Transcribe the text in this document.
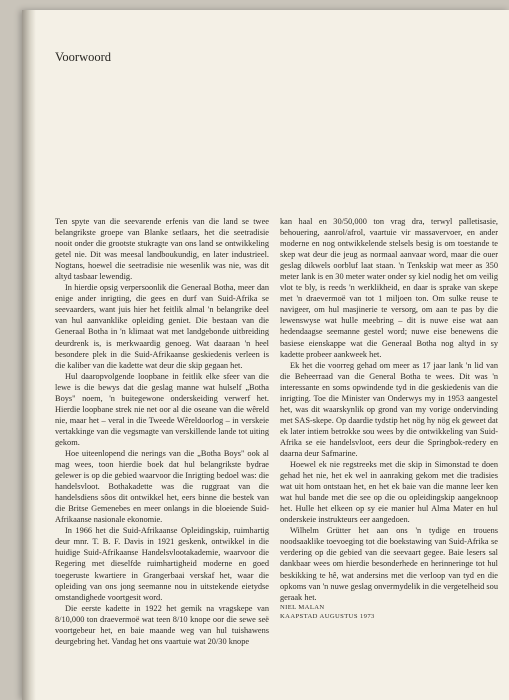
Voorwoord

Ten spyte van die seevarende erfenis van die land se twee belangrikste groepe van Blanke setlaars, het die seetradisie nooit onder die grootste stukragte van ons land se ontwikkeling getel nie. Dit was meesal landboukundig, en later industrieel. Nogtans, hoewel die seetradisie nie wesenlik was nie, was dit altyd tasbaar lewendig.

In hierdie opsig verpersoonlik die Generaal Botha, meer dan enige ander inrigting, die gees en durf van Suid-Afrika se seevaarders, want juis hier het feitlik almal 'n belangrike deel van hul aanvanklike opleiding geniet. Die bestaan van die Generaal Botha in 'n klimaat wat met landgebonde uitbreiding deurdrenk is, is merkwaardig genoeg. Wat daaraan 'n heel besondere plek in die Suid-Afrikaanse geskiedenis verleen is die kaliber van die kadette wat deur die skip gegaan het.

Hul daaropvolgende loopbane in feitlik elke sfeer van die lewe is die bewys dat die geslag manne wat hulself „Botha Boys" noem, 'n buitegewone onderskeiding verwerf het. Hierdie loopbane strek nie net oor al die oseane van die wêreld nie, maar het – veral in die Tweede Wêreldoorlog – in verskeie vertakkinge van die vegsmagte van verskillende lande tot uiting gekom.

Hoe uiteenlopend die nerings van die „Botha Boys" ook al mag wees, toon hierdie boek dat hul belangrikste bydrae gelewer is op die gebied waarvoor die Inrigting bedoel was: die handelsvloot. Bothakadette was die ruggraat van die handelsdiens sôos dit ontwikkel het, eers binne die bestek van die Britse Gemenebes en meer onlangs in die bloeiende Suid-Afrikaanse nasionale ekonomie.

In 1966 het die Suid-Afrikaanse Opleidingskip, ruimhartig deur mnr. T. B. F. Davis in 1921 geskenk, ontwikkel in die huidige Suid-Afrikaanse Handelsvlootakademie, waarvoor die Regering met dieselfde ruimhartigheid moderne en goed toegeruste kwartiere in Grangerbaai verskaf het, waar die opleiding van ons jong seemanne nou in uitstekende eietydse omstandighede voortgesit word.

Die eerste kadette in 1922 het gemik na vragskepe van 8/10,000 ton draevermoë wat teen 8/10 knope oor die sewe seë voortgebeur het, en baie maande weg van hul tuishawens deurgebring het. Vandag het ons vaartuie wat 20/30 knope

kan haal en 30/50,000 ton vrag dra, terwyl palletisasie, behouering, aanrol/afrol, vaartuie vir massavervoer, en ander moderne en nog ontwikkelende stelsels besig is om toestande te skep wat deur die jeug as normaal aanvaar word, maar die ouer geslag dikwels oorbluf laat staan. 'n Tenkskip wat meer as 350 meter lank is en 30 meter water onder sy kiel nodig het om veilig vlot te bly, is reeds 'n werklikheid, en daar is sprake van skepe met 'n draevermoë van tot 1 miljoen ton. Om sulke reuse te navigeer, om hul masjinerie te versorg, om aan te pas by die lewenswyse wat hulle meebring – dit is nuwe eise wat aan hedendaagse seemanne gestel word; nuwe eise benewens die basiese eienskappe wat die Generaal Botha nog altyd in sy kadette probeer aankweek het.

Ek het die voorreg gehad om meer as 17 jaar lank 'n lid van die Beheerraad van die General Botha te wees. Dit was 'n interessante en soms opwindende tyd in die geskiedenis van die inrigting. Toe die Minister van Onderwys my in 1953 aangestel het, was dit waarskynlik op grond van my vorige ondervinding met SAS-skepe. Op daardie tydstip het nög hy nög ek geweet dat ek later intiem betrokke sou wees by die ontwikkeling van Suid-Afrika se eie handelsvloot, eers deur die Springbok-redery en daarna deur Safmarine.

Hoewel ek nie regstreeks met die skip in Simonstad te doen gehad het nie, het ek wel in aanraking gekom met die tradisies wat uit hom ontstaan het, en het ek baie van die manne leer ken wat hul bande met die see op die ou opleidingskip aangeknoop het. Hulle het elkeen op sy eie manier hul Alma Mater en hul onderskeie instrukteurs eer aangedoen.

Wilhelm Grütter het aan ons 'n tydige en trouens noodsaaklike toevoeging tot die boekstawing van Suid-Afrika se verdering op die gebied van die seevaart gegee. Baie lesers sal dankbaar wees om hierdie besonderhede en herinneringe tot hul beskikking te hê, wat andersins met die verloop van tyd en die opkoms van 'n nuwe geslag onvermydelik in die vergetelheid sou geraak het.

NIEL MALAN

KAAPSTAD AUGUSTUS 1973
